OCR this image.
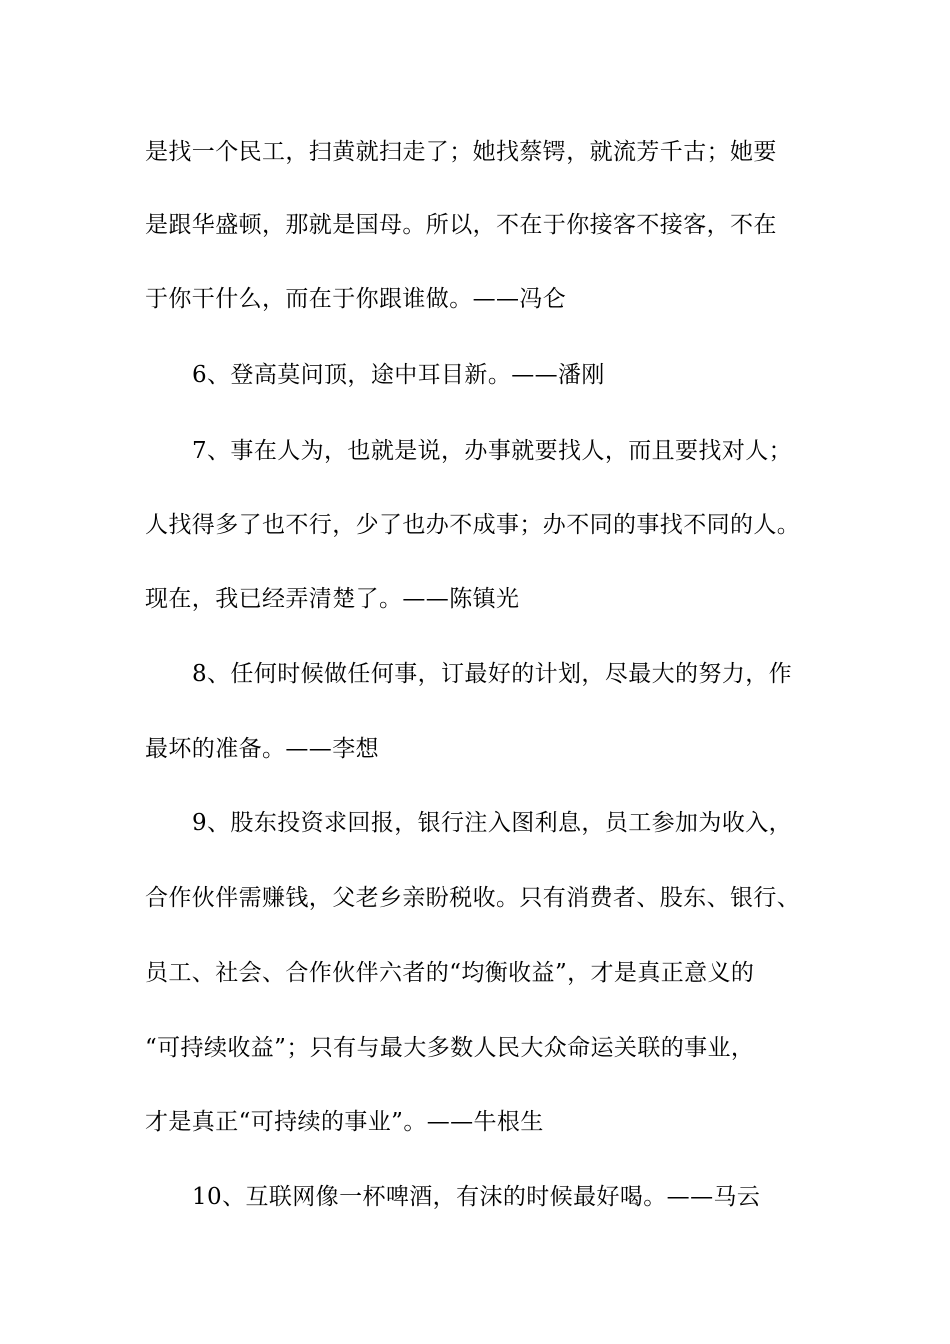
是找一个民工，扫黄就扫走了；她找蔡锷，就流芳千古；她要
是跟华盛顿，那就是国母。所以，不在于你接客不接客，不在
于你干什么，而在于你跟谁做。——冯仑
6、登高莫问顶，途中耳目新。——潘刚
7、事在人为，也就是说，办事就要找人，而且要找对人；
人找得多了也不行，少了也办不成事；办不同的事找不同的人。
现在，我已经弄清楚了。——陈镇光
8、任何时候做任何事，订最好的计划，尽最大的努力，作
最坏的准备。——李想
9、股东投资求回报，银行注入图利息，员工参加为收入，
合作伙伴需赚钱，父老乡亲盼税收。只有消费者、股东、银行、
员工、社会、合作伙伴六者的“均衡收益”，才是真正意义的
“可持续收益”；只有与最大多数人民大众命运关联的事业，
才是真正“可持续的事业”。——牛根生
10、互联网像一杯啤酒，有沫的时候最好喝。——马云
